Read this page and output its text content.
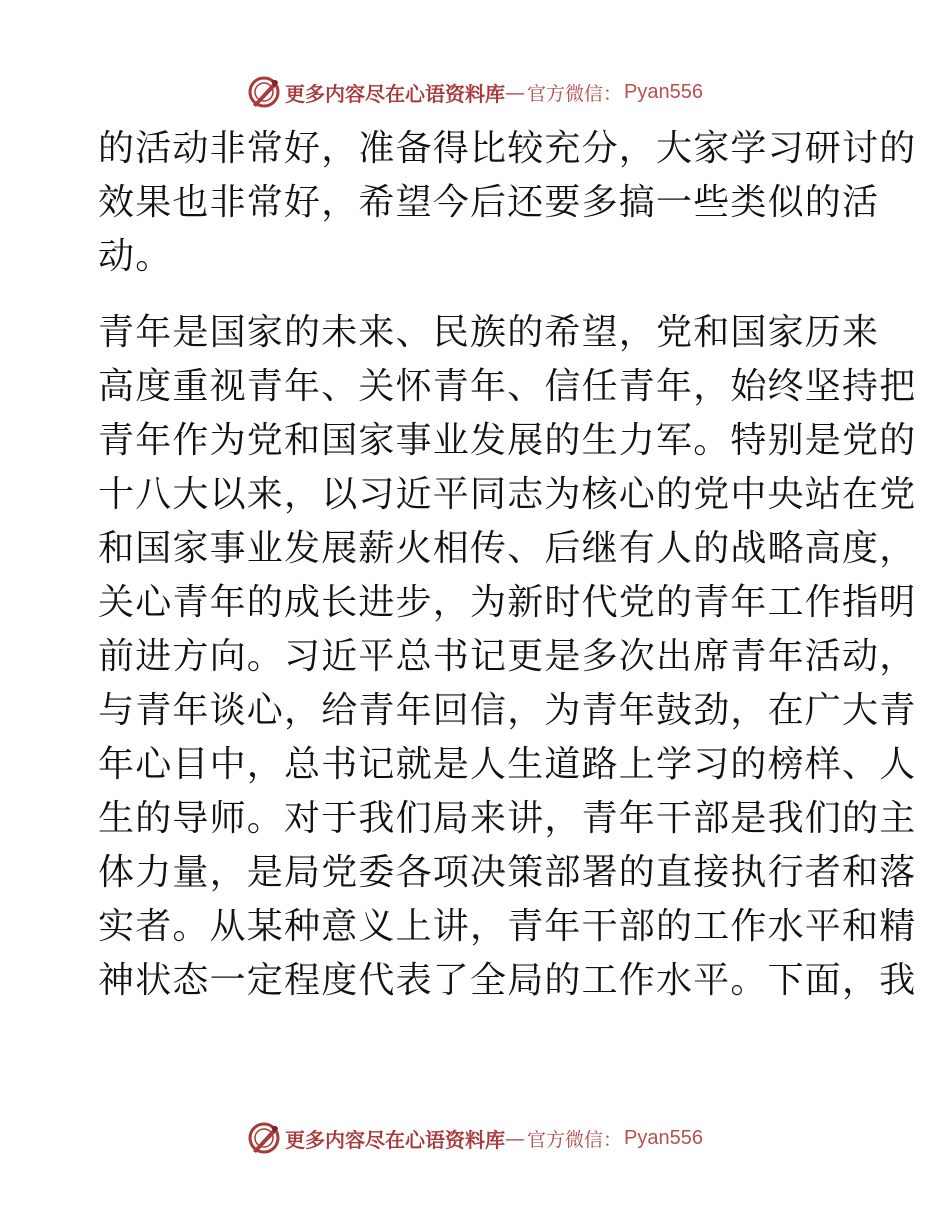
更多内容尽在心语资料库 — 官方微信： Pyan556

的活动非常好，准备得比较充分，大家学习研讨的
效果也非常好，希望今后还要多搞一些类似的活
动。

青年是国家的未来、民族的希望，党和国家历来
高度重视青年、关怀青年、信任青年，始终坚持把
青年作为党和国家事业发展的生力军。特别是党的
十八大以来，以习近平同志为核心的党中央站在党
和国家事业发展薪火相传、后继有人的战略高度，
关心青年的成长进步，为新时代党的青年工作指明
前进方向。习近平总书记更是多次出席青年活动，
与青年谈心，给青年回信，为青年鼓劲，在广大青
年心目中，总书记就是人生道路上学习的榜样、人
生的导师。对于我们局来讲，青年干部是我们的主
体力量，是局党委各项决策部署的直接执行者和落
实者。从某种意义上讲，青年干部的工作水平和精
神状态一定程度代表了全局的工作水平。下面，我

更多内容尽在心语资料库 — 官方微信： Pyan556
